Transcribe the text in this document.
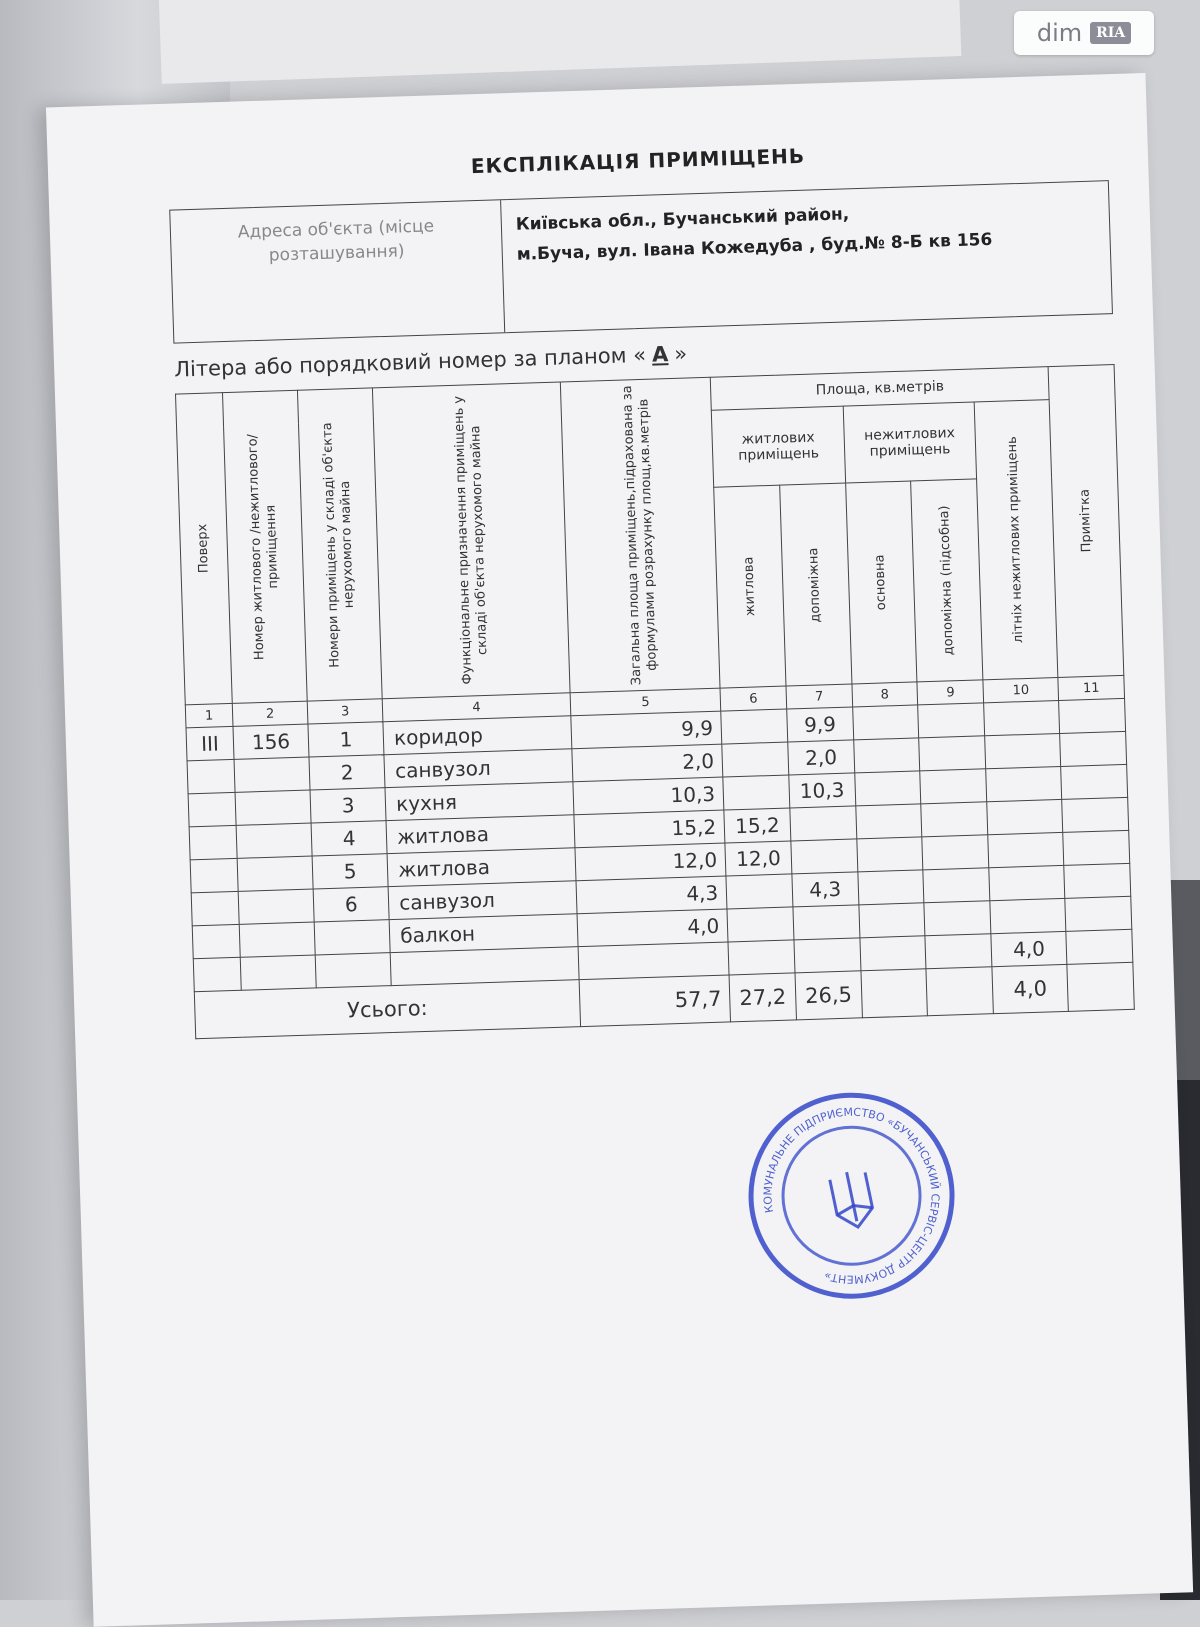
ЕКСПЛІКАЦІЯ ПРИМІЩЕНЬ
Адреса об'єкта (місце розташування)
Київська обл., Бучанський район,
м.Буча, вул. Івана Кожедуба , буд.№ 8-Б кв 156
Літера або порядковий номер за планом « А »
Поверх	Номер житлового /нежитлового/ приміщення	Номери приміщень у складі об'єкта нерухомого майна	Функціональне призначення приміщень у складі об'єкта нерухомого майна	Загальна площа приміщень,підрахована за формулами розрахунку площ,кв.метрів	Площа, кв.метрів					Примітка

					житлових приміщень		нежитлових приміщень		літніх нежитлових приміщень	

					житлова	допоміжна	основна	допоміжна (підсобна)		

1	2	3	4	5	6	7	8	9	10	11
III	156	1	коридор	9,9		9,9				
		2	санвузол	2,0		2,0				
		3	кухня	10,3		10,3				
		4	житлова	15,2	15,2					
		5	житлова	12,0	12,0					
		6	санвузол	4,3		4,3				
			балкон	4,0						
									4,0	
Усього:				57,7	27,2	26,5			4,0	
КОМУНАЛЬНЕ ПІДПРИЄМСТВО «БУЧАНСЬКИЙ СЕРВІС-ЦЕНТР ДОКУМЕНТ»
dim	RIA
